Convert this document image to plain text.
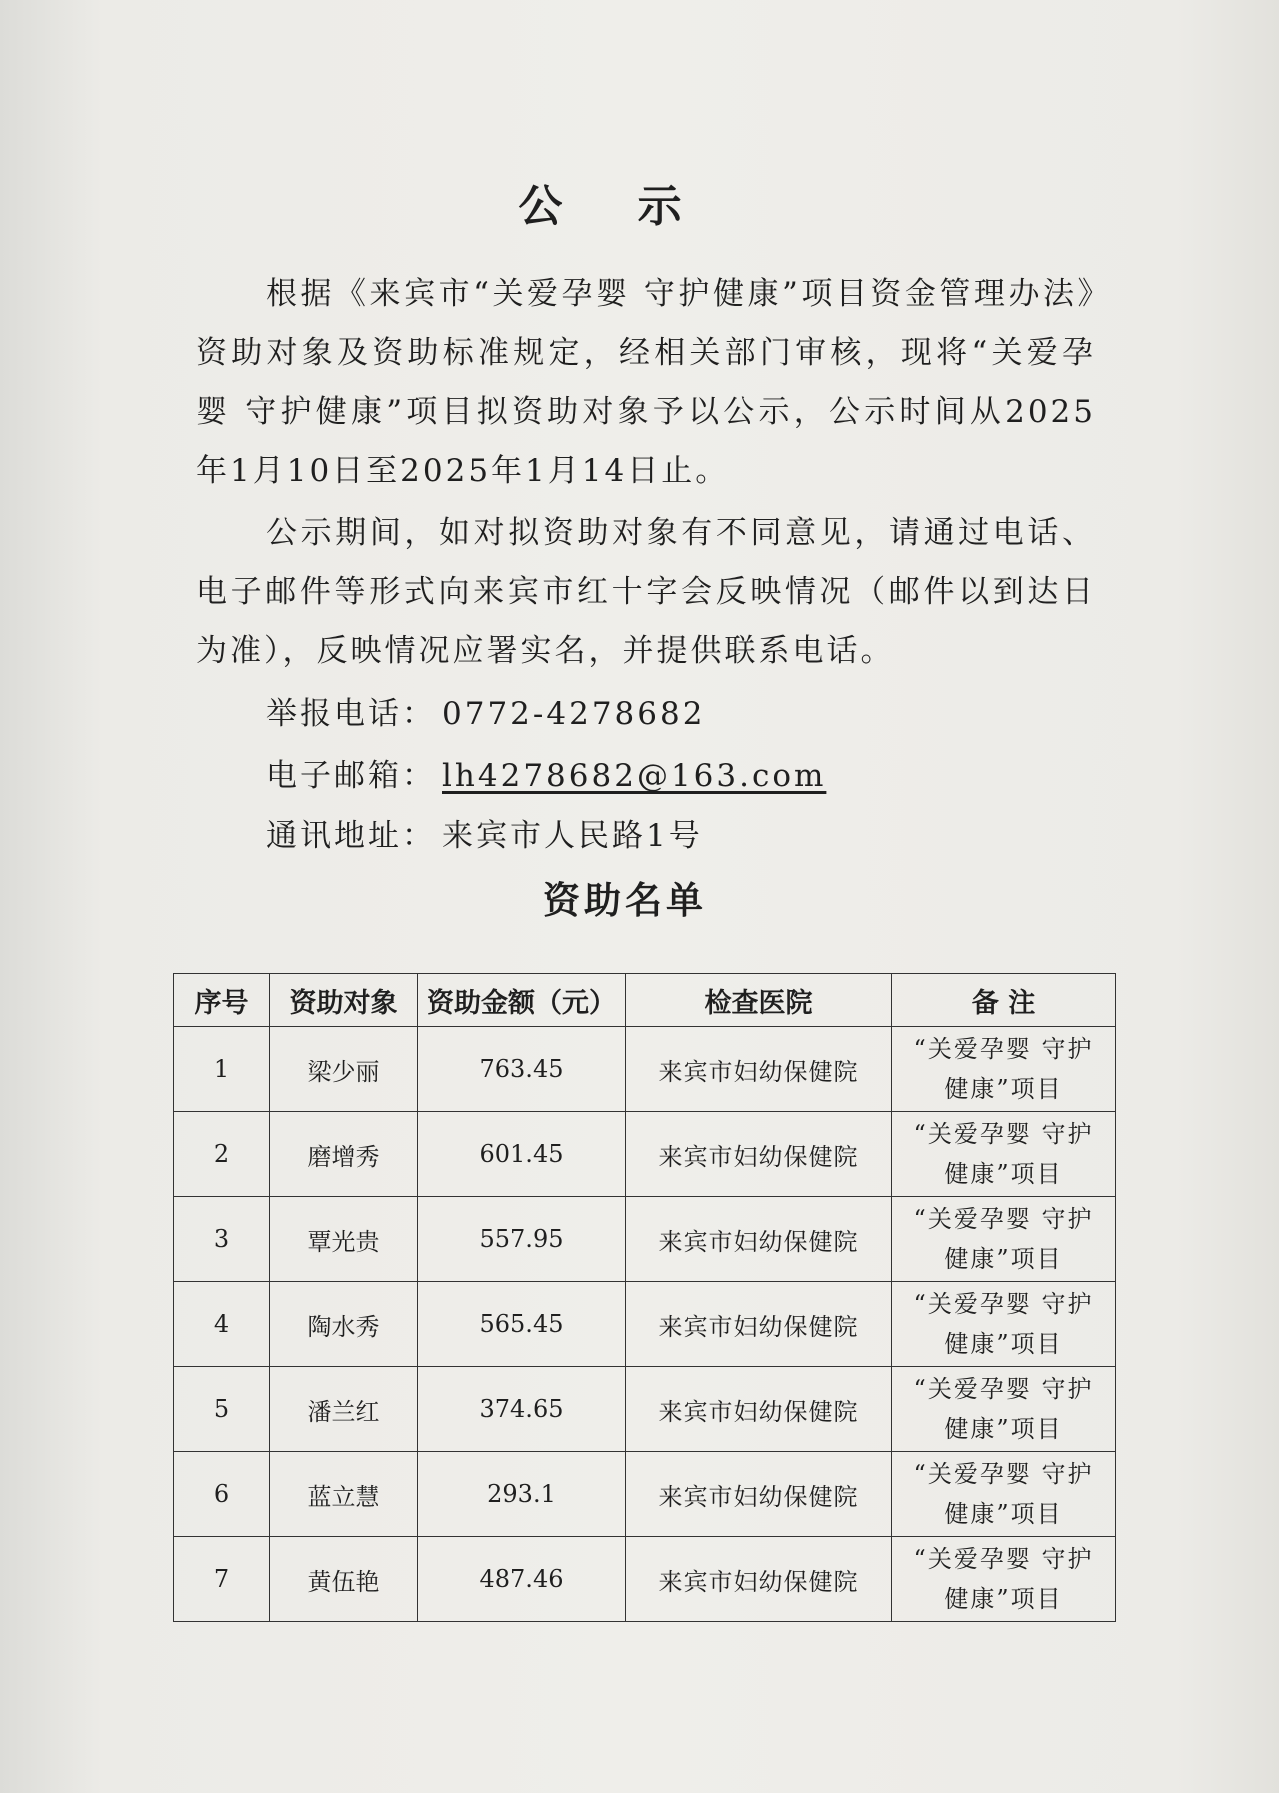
公 示

根据《来宾市“关爱孕婴 守护健康”项目资金管理办法》资助对象及资助标准规定，经相关部门审核，现将“关爱孕婴 守护健康”项目拟资助对象予以公示，公示时间从2025年1月10日至2025年1月14日止。

公示期间，如对拟资助对象有不同意见，请通过电话、电子邮件等形式向来宾市红十字会反映情况（邮件以到达日为准），反映情况应署实名，并提供联系电话。

举报电话： 0772-4278682
电子邮箱： lh4278682@163.com
通讯地址： 来宾市人民路1号
资助名单
序号	资助对象	资助金额（元）	检查医院	备 注
1	梁少丽	763.45	来宾市妇幼保健院	“关爱孕婴 守护健康”项目
2	磨增秀	601.45	来宾市妇幼保健院	“关爱孕婴 守护健康”项目
3	覃光贵	557.95	来宾市妇幼保健院	“关爱孕婴 守护健康”项目
4	陶水秀	565.45	来宾市妇幼保健院	“关爱孕婴 守护健康”项目
5	潘兰红	374.65	来宾市妇幼保健院	“关爱孕婴 守护健康”项目
6	蓝立慧	293.1	来宾市妇幼保健院	“关爱孕婴 守护健康”项目
7	黄伍艳	487.46	来宾市妇幼保健院	“关爱孕婴 守护健康”项目
